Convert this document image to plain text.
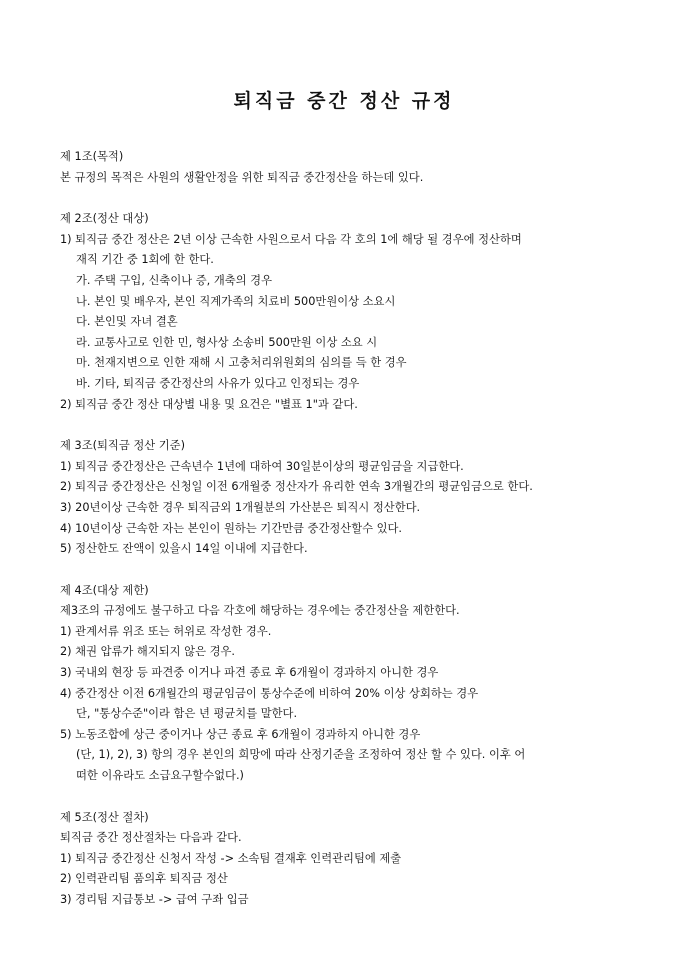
퇴직금 중간 정산 규정
제 1조(목적)
본 규정의 목적은 사원의 생활안정을 위한 퇴직금 중간정산을 하는데 있다.
제 2조(정산 대상)
1) 퇴직금 중간 정산은 2년 이상 근속한 사원으로서 다음 각 호의 1에 해당 될 경우에 정산하며
재직 기간 중 1회에 한 한다.
가. 주택 구입, 신축이나 증, 개축의 경우
나. 본인 및 배우자, 본인 직계가족의 치료비 500만원이상 소요시
다. 본인및 자녀 결혼
라. 교통사고로 인한 민, 형사상 소송비 500만원 이상 소요 시
마. 천재지변으로 인한 재해 시 고충처리위원회의 심의를 득 한 경우
바. 기타, 퇴직금 중간정산의 사유가 있다고 인정되는 경우
2) 퇴직금 중간 정산 대상별 내용 및 요건은 "별표 1"과 같다.
제 3조(퇴직금 정산 기준)
1) 퇴직금 중간정산은 근속년수 1년에 대하여 30일분이상의 평균임금을 지급한다.
2) 퇴직금 중간정산은 신청일 이전 6개월중 정산자가 유리한 연속 3개월간의 평균임금으로 한다.
3) 20년이상 근속한 경우 퇴직금외 1개월분의 가산분은 퇴직시 정산한다.
4) 10년이상 근속한 자는 본인이 원하는 기간만큼 중간정산할수 있다.
5) 정산한도 잔액이 있을시 14일 이내에 지급한다.
제 4조(대상 제한)
제3조의 규정에도 불구하고 다음 각호에 해당하는 경우에는 중간정산을 제한한다.
1) 관계서류 위조 또는 허위로 작성한 경우.
2) 채권 압류가 해지되지 않은 경우.
3) 국내외 현장 등 파견중 이거나 파견 종료 후 6개월이 경과하지 아니한 경우
4) 중간정산 이전 6개월간의 평균임금이 통상수준에 비하여 20% 이상 상회하는 경우
단, "통상수준"이라 함은 년 평균치를 말한다.
5) 노동조합에 상근 중이거나 상근 종료 후 6개월이 경과하지 아니한 경우
(단, 1), 2), 3) 항의 경우 본인의 희망에 따라 산정기준을 조정하여 정산 할 수 있다. 이후 어
떠한 이유라도 소급요구할수없다.)
제 5조(정산 절차)
퇴직금 중간 정산절차는 다음과 같다.
1) 퇴직금 중간정산 신청서 작성 -> 소속팀 결재후 인력관리팀에 제출
2) 인력관리팀 품의후 퇴직금 정산
3) 경리팀 지급통보 -> 급여 구좌 입금
